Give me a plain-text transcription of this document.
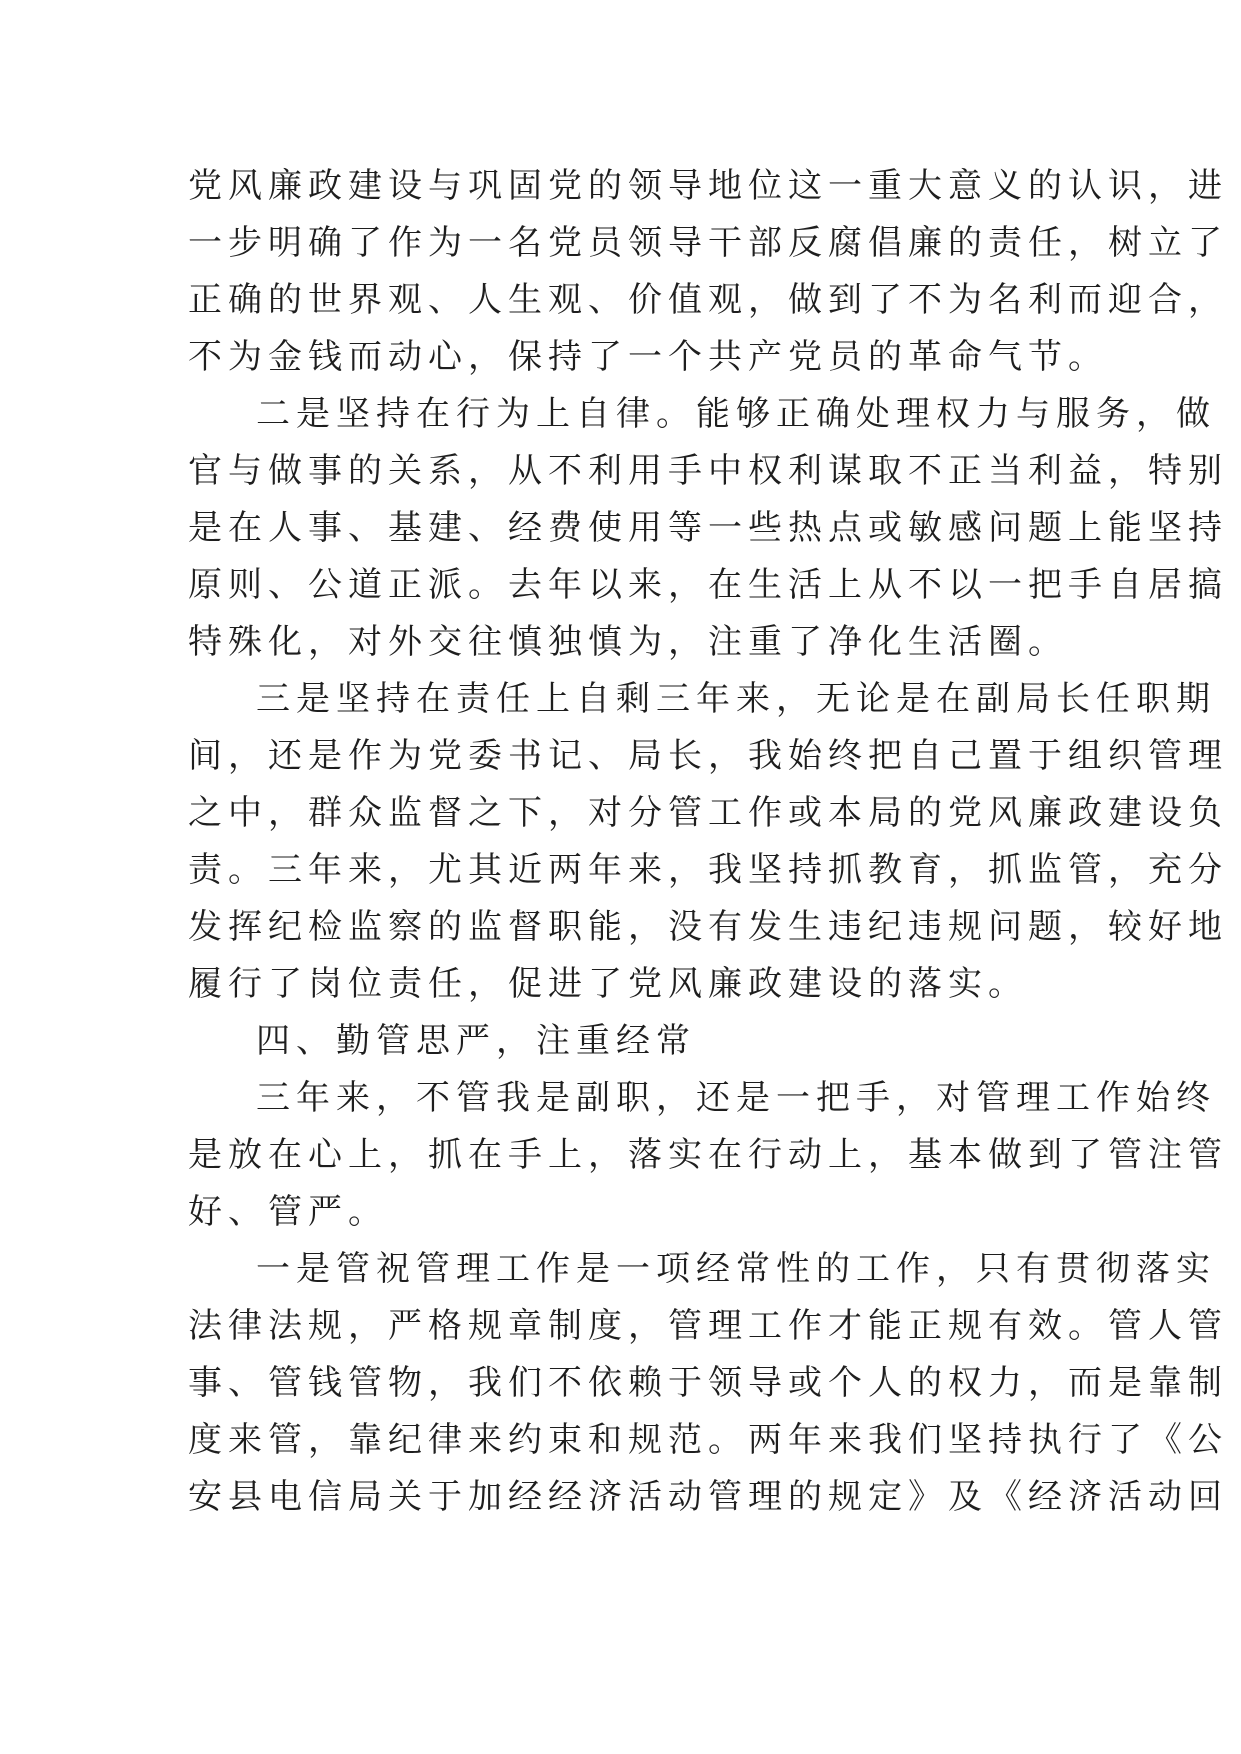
党风廉政建设与巩固党的领导地位这一重大意义的认识，进
一步明确了作为一名党员领导干部反腐倡廉的责任，树立了
正确的世界观、人生观、价值观，做到了不为名利而迎合，
不为金钱而动心，保持了一个共产党员的革命气节。
二是坚持在行为上自律。能够正确处理权力与服务，做
官与做事的关系，从不利用手中权利谋取不正当利益，特别
是在人事、基建、经费使用等一些热点或敏感问题上能坚持
原则、公道正派。去年以来，在生活上从不以一把手自居搞
特殊化，对外交往慎独慎为，注重了净化生活圈。
三是坚持在责任上自剩三年来，无论是在副局长任职期
间，还是作为党委书记、局长，我始终把自己置于组织管理
之中，群众监督之下，对分管工作或本局的党风廉政建设负
责。三年来，尤其近两年来，我坚持抓教育，抓监管，充分
发挥纪检监察的监督职能，没有发生违纪违规问题，较好地
履行了岗位责任，促进了党风廉政建设的落实。
四、勤管思严，注重经常
三年来，不管我是副职，还是一把手，对管理工作始终
是放在心上，抓在手上，落实在行动上，基本做到了管注管
好、管严。
一是管祝管理工作是一项经常性的工作，只有贯彻落实
法律法规，严格规章制度，管理工作才能正规有效。管人管
事、管钱管物，我们不依赖于领导或个人的权力，而是靠制
度来管，靠纪律来约束和规范。两年来我们坚持执行了《公
安县电信局关于加经经济活动管理的规定》及《经济活动回
